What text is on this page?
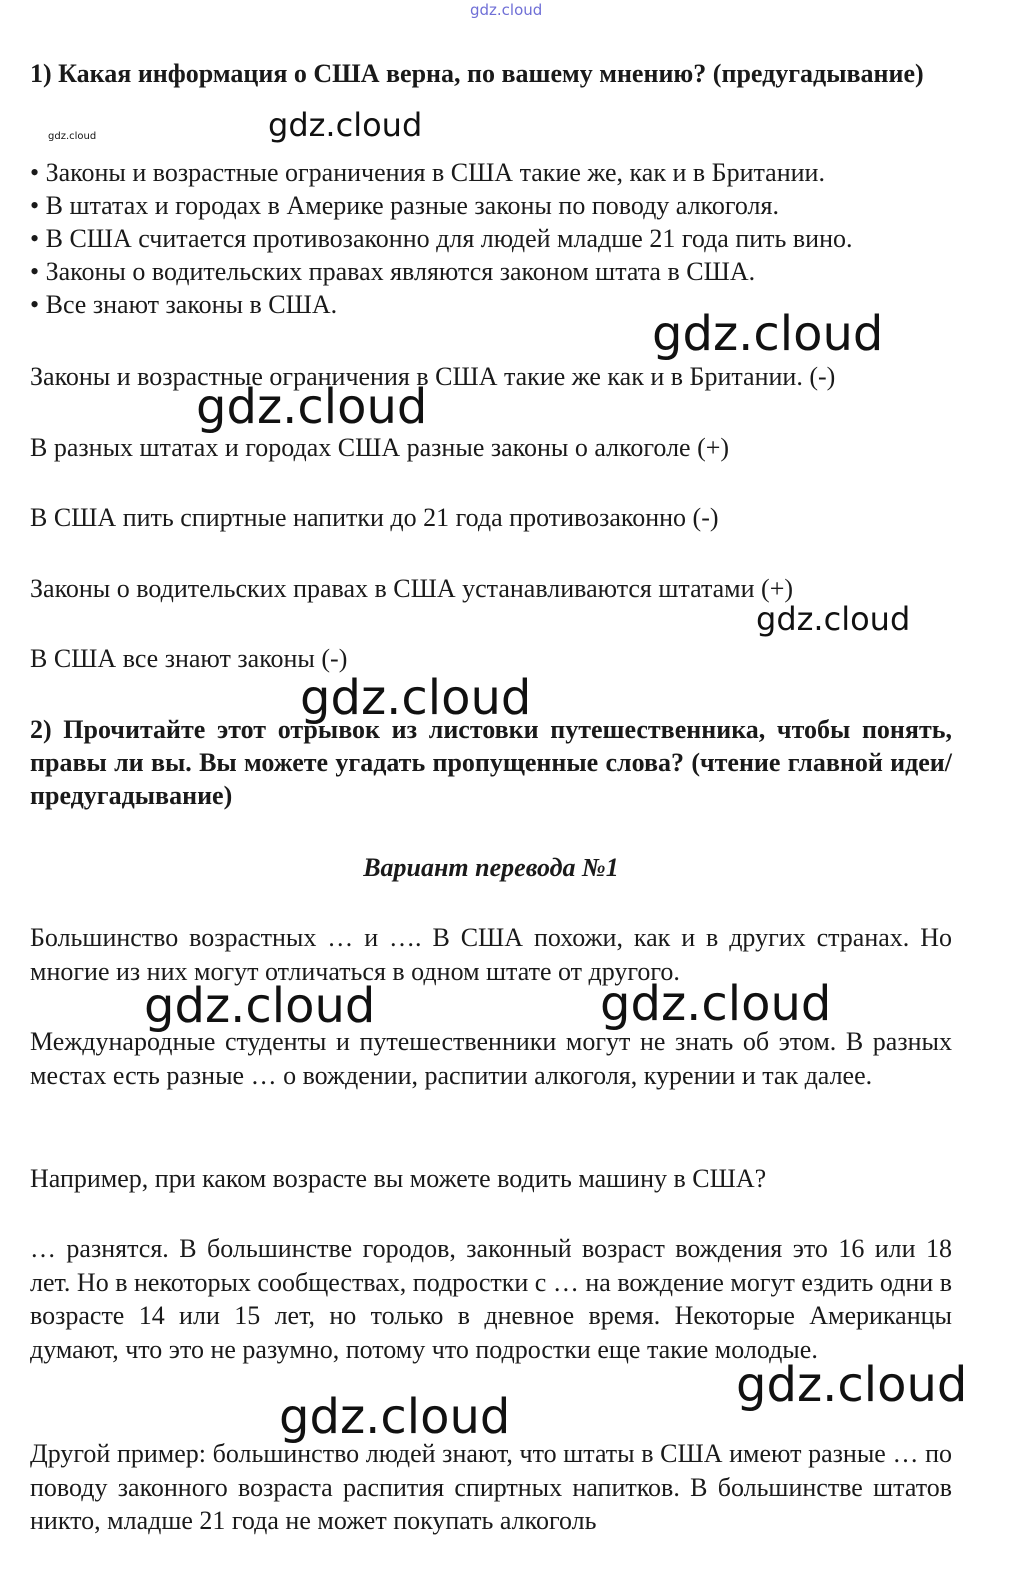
gdz.cloud

1) Какая информация о США верна, по вашему мнению? (предугадывание)

gdz.cloud
• Законы и возрастные ограничения в США такие же, как и в Британии.
• В штатах и городах в Америке разные законы по поводу алкоголя.
• В США считается противозаконно для людей младше 21 года пить вино.
• Законы о водительских правах являются законом штата в США.
• Все знают законы в США.
Законы и возрастные ограничения в США такие же как и в Британии. (-)
В разных штатах и городах США разные законы о алкоголе (+)
В США пить спиртные напитки до 21 года противозаконно (-)
Законы о водительских правах в США устанавливаются штатами (+)
В США все знают законы (-)

2) Прочитайте этот отрывок из листовки путешественника, чтобы понять, правы ли вы. Вы можете угадать пропущенные слова? (чтение главной идеи/предугадывание)

Вариант перевода №1

Большинство возрастных … и …. В США похожи, как и в других странах. Но многие из них могут отличаться в одном штате от другого.

Международные студенты и путешественники могут не знать об этом. В разных местах есть разные … о вождении, распитии алкоголя, курении и так далее.

Например, при каком возрасте вы можете водить машину в США?

… разнятся. В большинстве городов, законный возраст вождения это 16 или 18 лет. Но в некоторых сообществах, подростки с … на вождение могут ездить одни в возрасте 14 или 15 лет, но только в дневное время. Некоторые Американцы думают, что это не разумно, потому что подростки еще такие молодые.

Другой пример: большинство людей знают, что штаты в США имеют разные … по поводу законного возраста распития спиртных напитков. В большинстве штатов никто, младше 21 года не может покупать алкоголь

gdz.cloud
gdz.cloud
gdz.cloud
gdz.cloud
gdz.cloud
gdz.cloud	gdz.cloud
gdz.cloud
gdz.cloud
